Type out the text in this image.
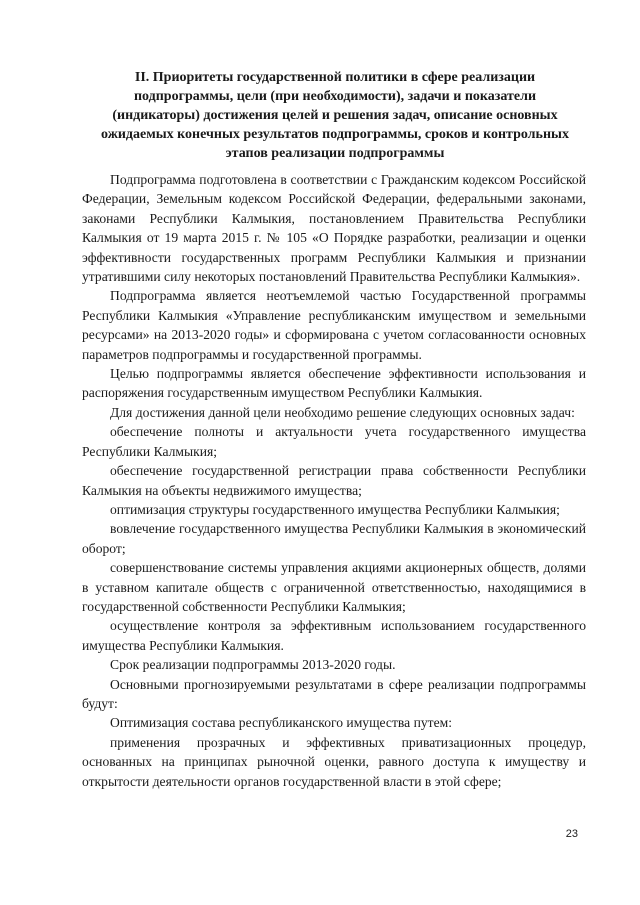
II. Приоритеты государственной политики в сфере реализации подпрограммы, цели (при необходимости), задачи и показатели (индикаторы) достижения целей и решения задач, описание основных ожидаемых конечных результатов подпрограммы, сроков и контрольных этапов реализации подпрограммы

Подпрограмма подготовлена в соответствии с Гражданским кодексом Российской Федерации, Земельным кодексом Российской Федерации, федеральными законами, законами Республики Калмыкия, постановлением Правительства Республики Калмыкия от 19 марта 2015 г. № 105 «О Порядке разработки, реализации и оценки эффективности государственных программ Республики Калмыкия и признании утратившими силу некоторых постановлений Правительства Республики Калмыкия».

Подпрограмма является неотъемлемой частью Государственной программы Республики Калмыкия «Управление республиканским имуществом и земельными ресурсами» на 2013-2020 годы» и сформирована с учетом согласованности основных параметров подпрограммы и государственной программы.

Целью подпрограммы является обеспечение эффективности использования и распоряжения государственным имуществом Республики Калмыкия.

Для достижения данной цели необходимо решение следующих основных задач:

обеспечение полноты и актуальности учета государственного имущества Республики Калмыкия;

обеспечение государственной регистрации права собственности Республики Калмыкия на объекты недвижимого имущества;

оптимизация структуры государственного имущества Республики Калмыкия;

вовлечение государственного имущества Республики Калмыкия в экономический оборот;

совершенствование системы управления акциями акционерных обществ, долями в уставном капитале обществ с ограниченной ответственностью, находящимися в государственной собственности Республики Калмыкия;

осуществление контроля за эффективным использованием государственного имущества Республики Калмыкия.

Срок реализации подпрограммы 2013-2020 годы.

Основными прогнозируемыми результатами в сфере реализации подпрограммы будут:

Оптимизация состава республиканского имущества путем:

применения прозрачных и эффективных приватизационных процедур, основанных на принципах рыночной оценки, равного доступа к имуществу и открытости деятельности органов государственной власти в этой сфере;

23
